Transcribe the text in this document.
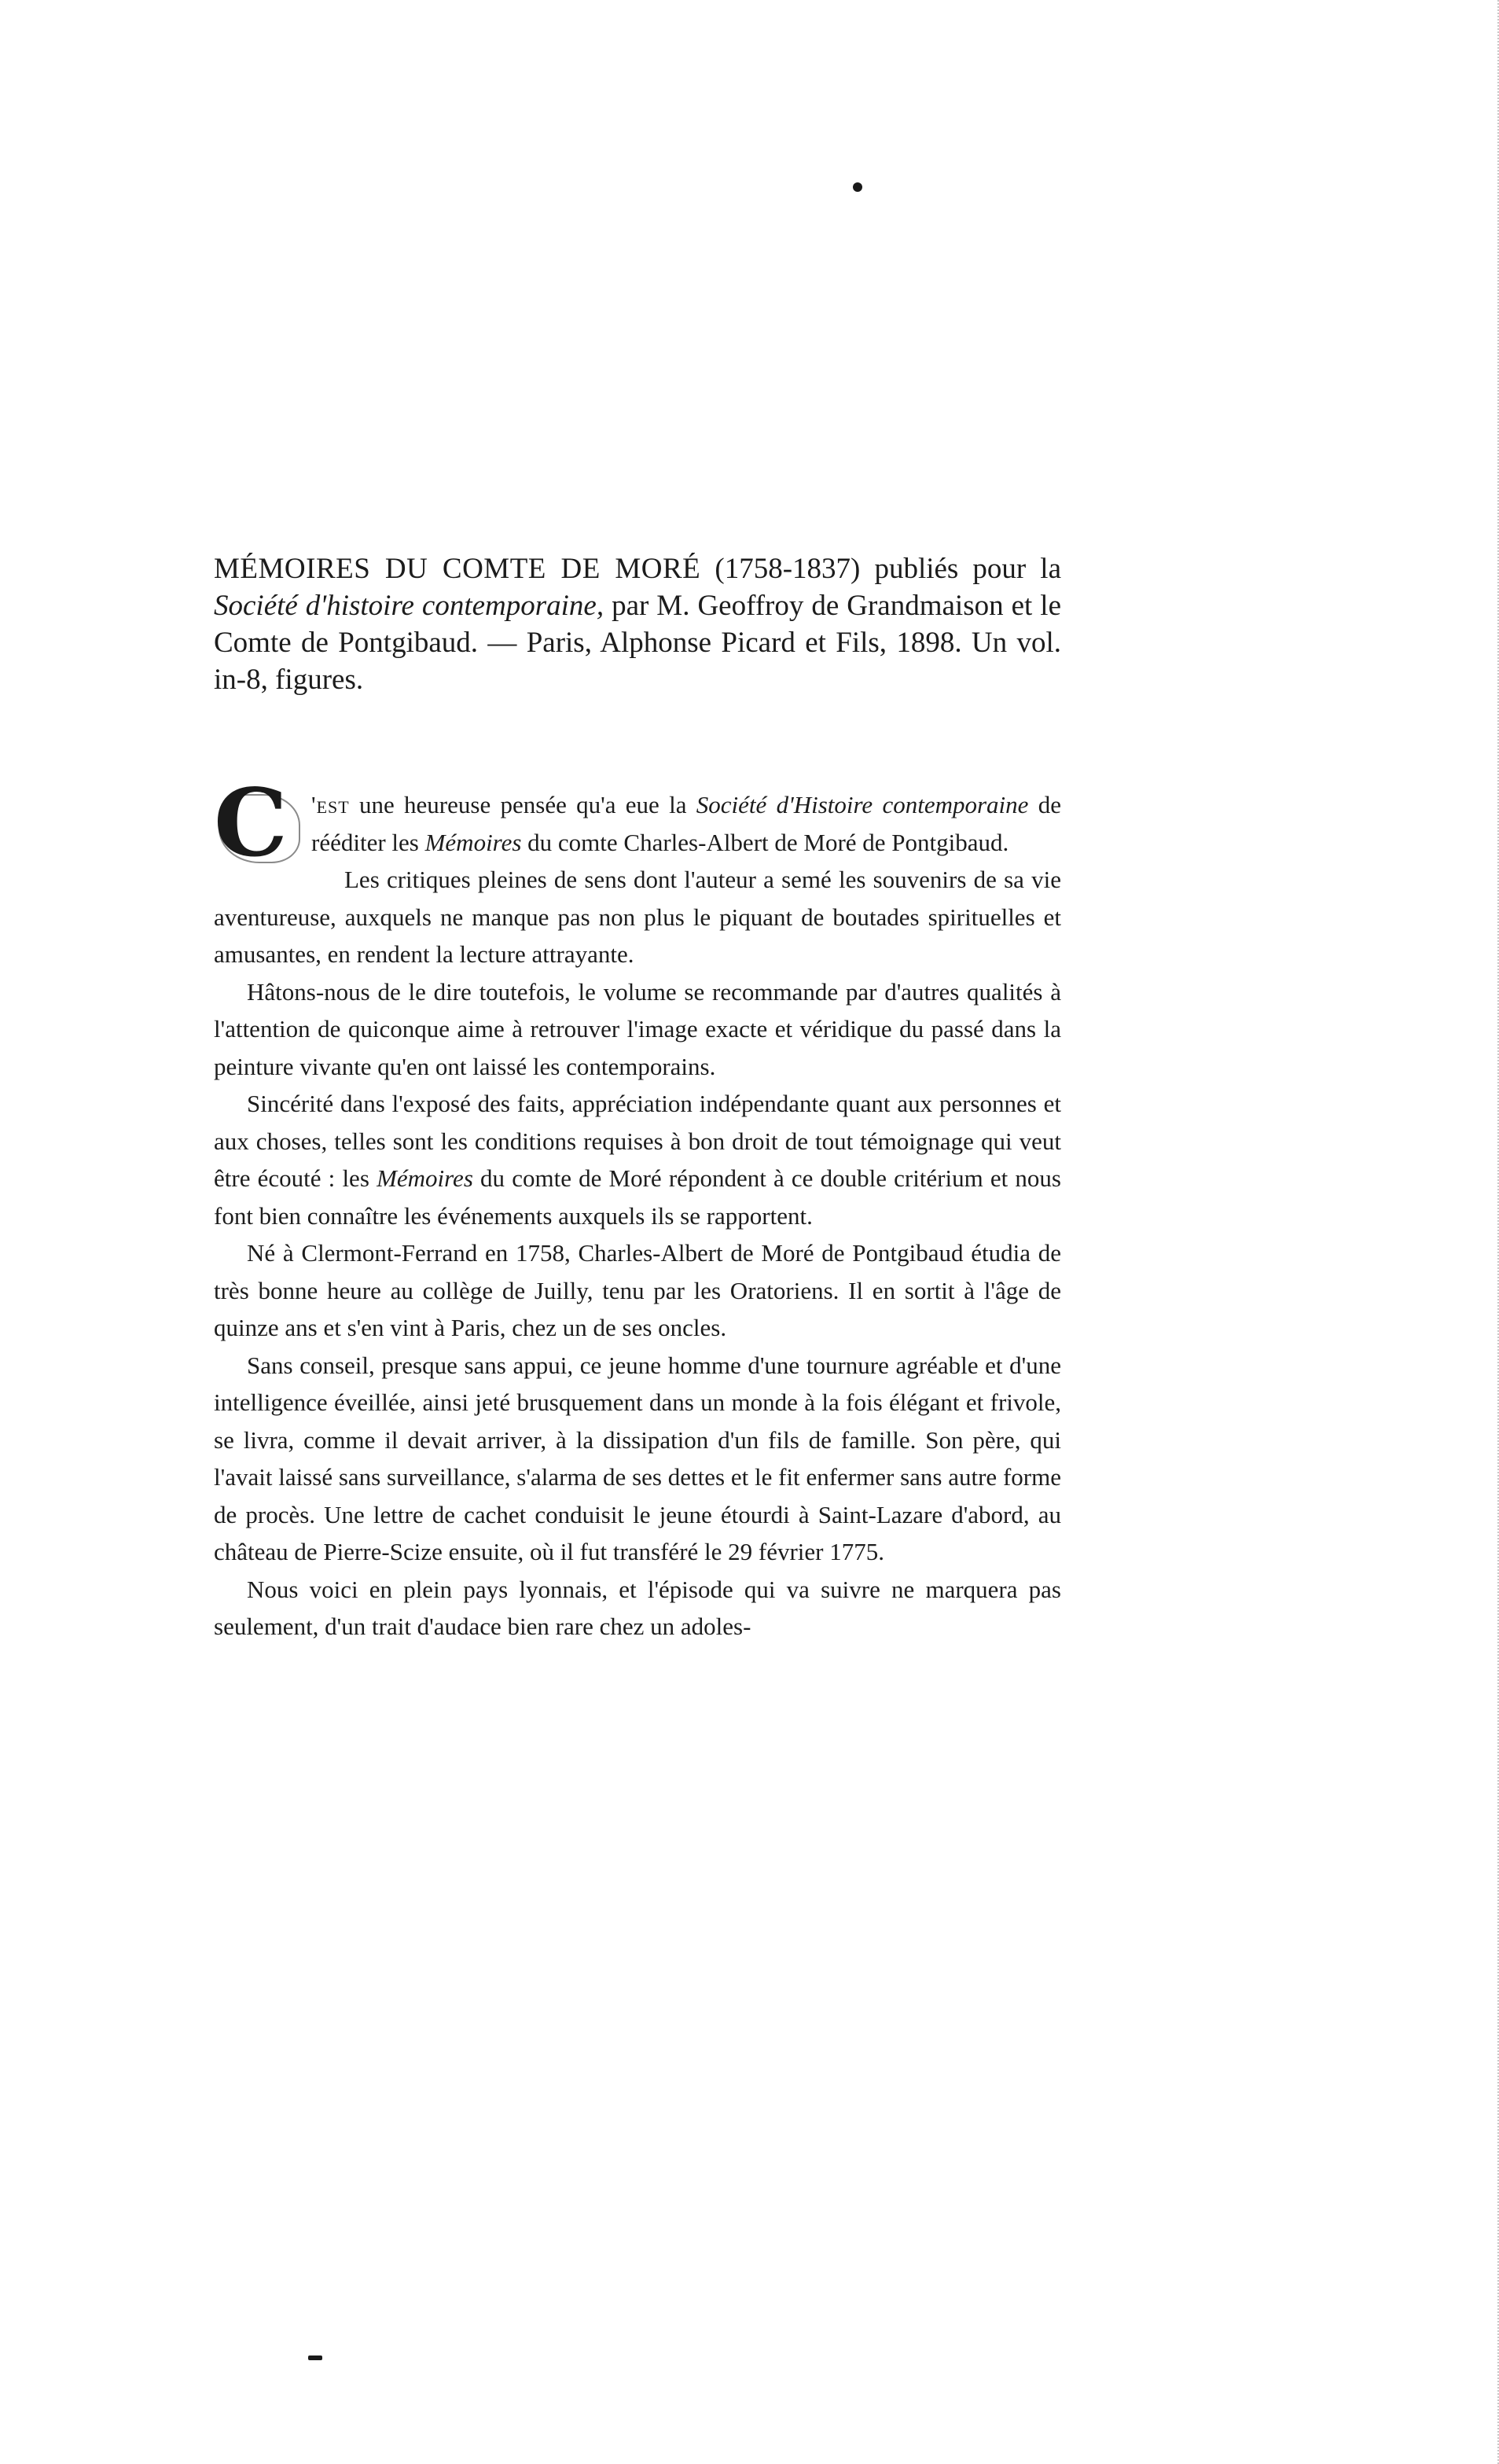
MÉMOIRES DU COMTE DE MORÉ (1758-1837) publiés pour la Société d'histoire contemporaine, par M. Geoffroy de Grandmaison et le Comte de Pontgibaud. — Paris, Alphonse Picard et Fils, 1898. Un vol. in-8, figures.

C 'est une heureuse pensée qu'a eue la Société d'Histoire contemporaine de rééditer les Mémoires du comte Charles-Albert de Moré de Pontgibaud.

Les critiques pleines de sens dont l'auteur a semé les souvenirs de sa vie aventureuse, auxquels ne manque pas non plus le piquant de boutades spirituelles et amusantes, en rendent la lecture attrayante.

Hâtons-nous de le dire toutefois, le volume se recommande par d'autres qualités à l'attention de quiconque aime à retrouver l'image exacte et véridique du passé dans la peinture vivante qu'en ont laissé les contemporains.

Sincérité dans l'exposé des faits, appréciation indépendante quant aux personnes et aux choses, telles sont les conditions requises à bon droit de tout témoignage qui veut être écouté : les Mémoires du comte de Moré répondent à ce double critérium et nous font bien connaître les événements auxquels ils se rapportent.

Né à Clermont-Ferrand en 1758, Charles-Albert de Moré de Pontgibaud étudia de très bonne heure au collège de Juilly, tenu par les Oratoriens. Il en sortit à l'âge de quinze ans et s'en vint à Paris, chez un de ses oncles.

Sans conseil, presque sans appui, ce jeune homme d'une tournure agréable et d'une intelligence éveillée, ainsi jeté brusquement dans un monde à la fois élégant et frivole, se livra, comme il devait arriver, à la dissipation d'un fils de famille. Son père, qui l'avait laissé sans surveillance, s'alarma de ses dettes et le fit enfermer sans autre forme de procès. Une lettre de cachet conduisit le jeune étourdi à Saint-Lazare d'abord, au château de Pierre-Scize ensuite, où il fut transféré le 29 février 1775.

Nous voici en plein pays lyonnais, et l'épisode qui va suivre ne marquera pas seulement, d'un trait d'audace bien rare chez un adoles-
